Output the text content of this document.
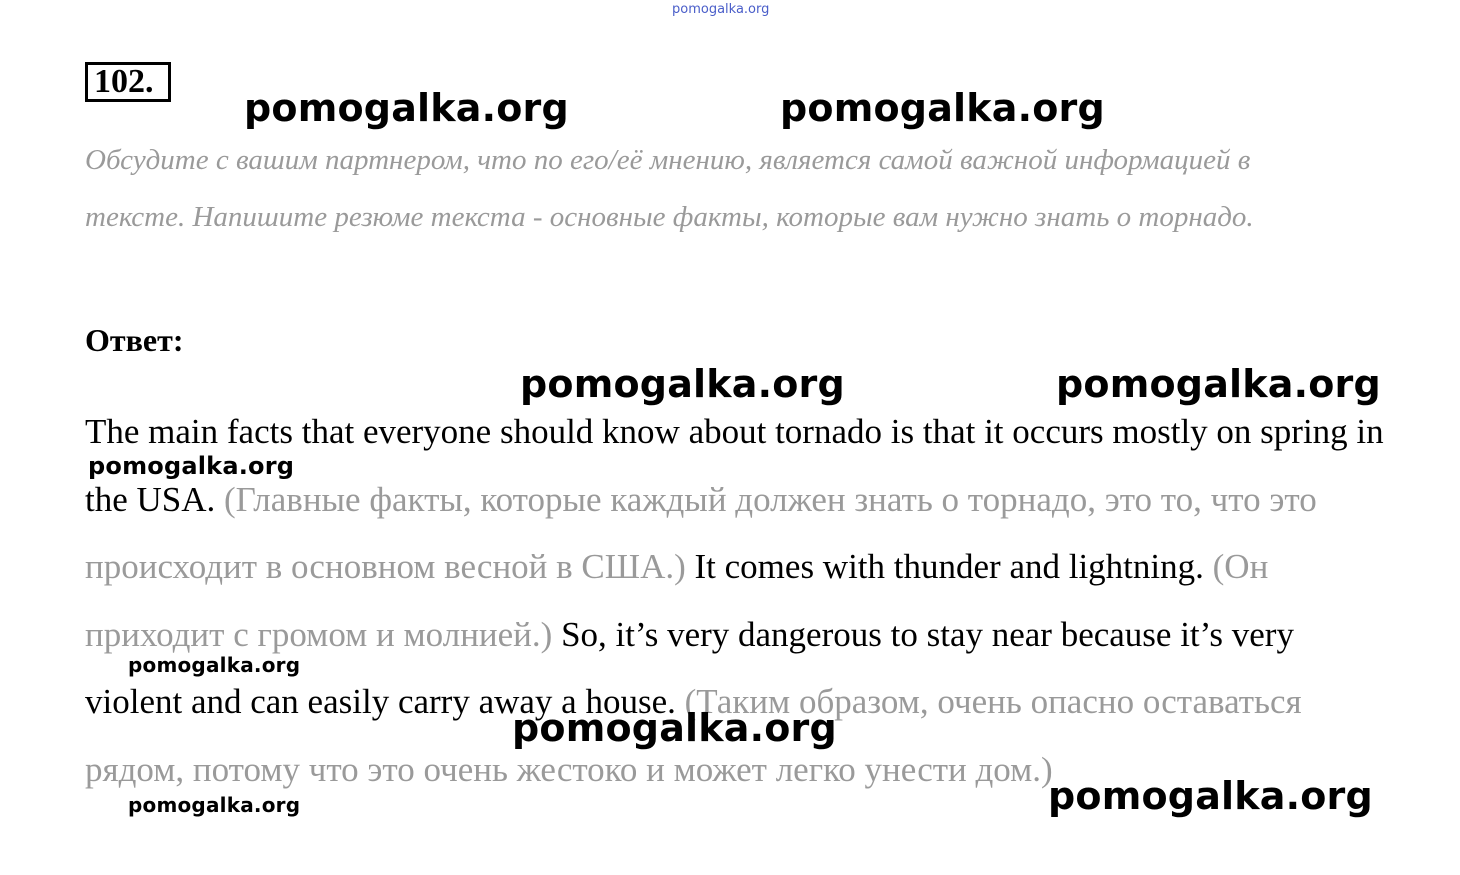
pomogalka.org
102.
Обсудите с вашим партнером, что по его/её мнению, является самой важной информацией в тексте. Напишите резюме текста - основные факты, которые вам нужно знать о торнадо.
Ответ:
The main facts that everyone should know about tornado is that it occurs mostly on spring in the USA. (Главные факты, которые каждый должен знать о торнадо, это то, что это происходит в основном весной в США.) It comes with thunder and lightning. (Он приходит с громом и молнией.) So, it’s very dangerous to stay near because it’s very violent and can easily carry away a house. (Таким образом, очень опасно оставаться рядом, потому что это очень жестоко и может легко унести дом.)
pomogalka.org	pomogalka.org
pomogalka.org	pomogalka.org
pomogalka.org
pomogalka.org
pomogalka.org
pomogalka.org	pomogalka.org
